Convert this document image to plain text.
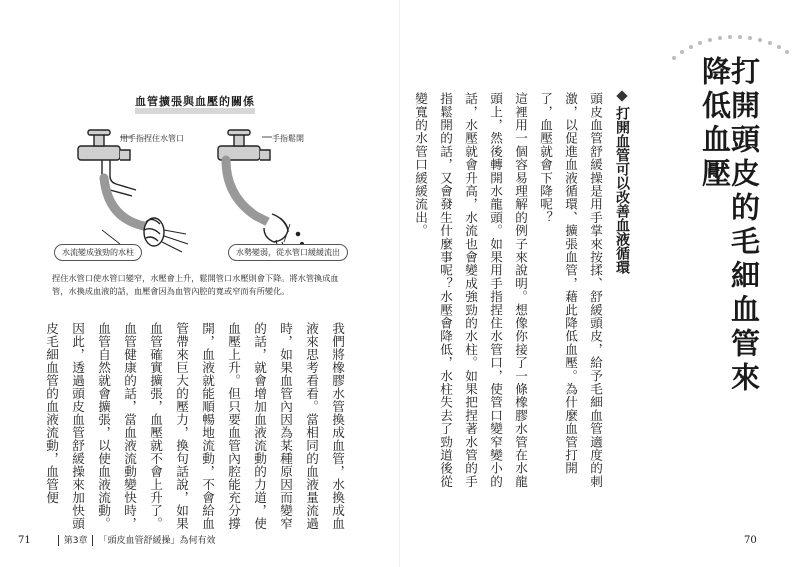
血管擴張與血壓的關係
用手指捏住水管口	手指鬆開
水流變成強勁的水柱	水勢變弱，從水管口緩緩流出
捏住水管口使水管口變窄，水壓會上升，鬆開管口水壓則會下降。將水管換成血管，水換成血液的話，血壓會因為血管內腔的寬或窄而有所變化。
我們將橡膠水管換成血管，水換成血液來思考看看。當相同的血液量流過時，如果血管內因為某種原因而變窄的話，就會增加血液流動的力道，使血壓上升。但只要血管內腔能充分撐開，血液就能順暢地流動，不會給血管帶來巨大的壓力，換句話說，如果血管確實擴張，血壓就不會上升了。血管健康的話，當血液流動變快時，血管自然就會擴張，以使血液流動。因此，透過頭皮血管舒緩操來加快頭皮毛細血管的血液流動，血管便
71	第3章 「頭皮血管舒緩操」為何有效
打開頭皮的毛細血管來降低血壓
打開血管可以改善血液循環

頭皮血管舒緩操是用手掌來按揉、舒緩頭皮，給予毛細血管適度的刺激，以促進血液循環、擴張血管，藉此降低血壓。為什麼血管打開了，血壓就會下降呢？

這裡用一個容易理解的例子來說明。想像你接了一條橡膠水管在水龍頭上，然後轉開水龍頭。如果用手指捏住水管口，使管口變窄變小的話，水壓就會升高，水流也會變成強勁的水柱。如果把捏著水管的手指鬆開的話，又會發生什麼事呢？水壓會降低，水柱失去了勁道後從變寬的水管口緩緩流出。

70
